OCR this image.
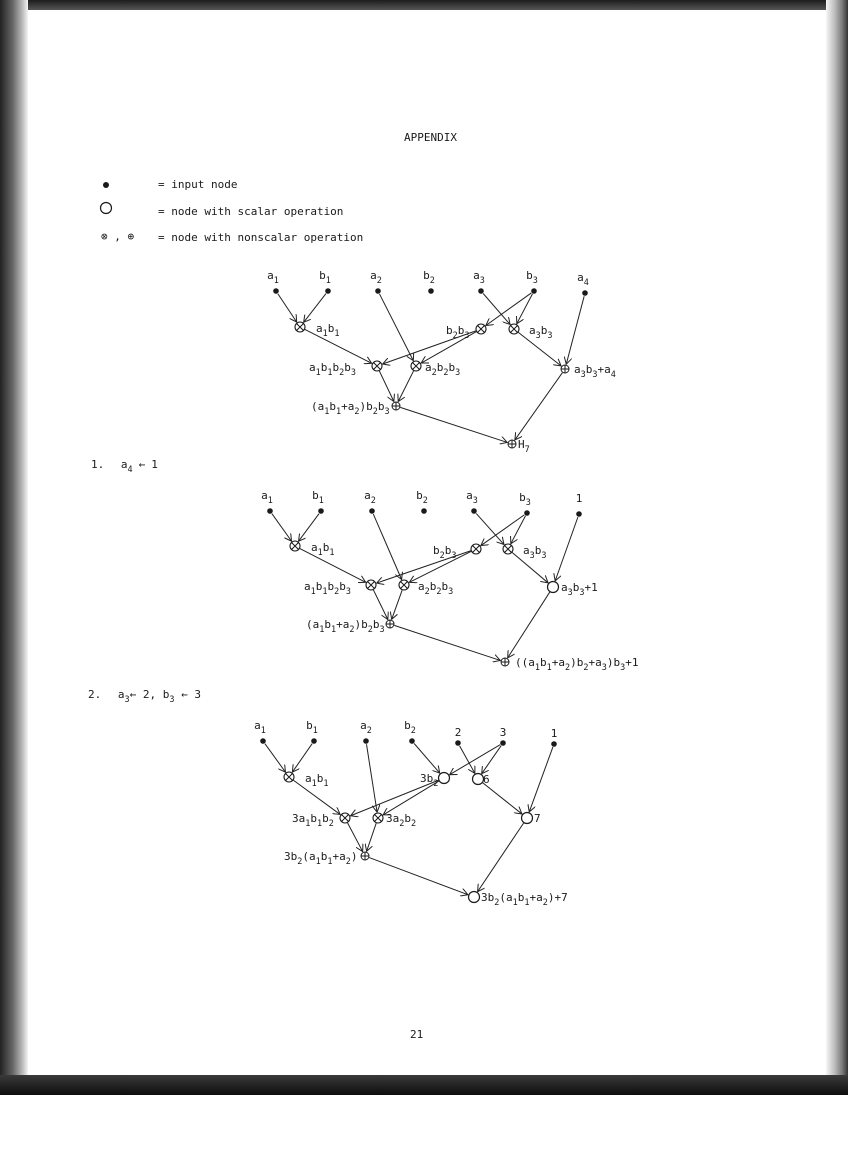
APPENDIX
= input node
= node with scalar operation
⊗ , ⊕ = node with nonscalar operation
1. $a_4$ ← 1
2. $a_3\leftarrow$ 2, $b_3$ ← 3
$a_1$	$b_1$	$a_2$	$b_2$	$a_3$	$b_3$	$a_4$
$a_1b_1$	$b_2b_3$	$a_3b_3$
$a_1b_1b_2b_3$	$a_2b_2b_3$	$a_3b_3+a_4$
$(a_1b_1+a_2)b_2b_3$
$H_7$
$a_1$	$b_1$	$a_2$	$b_2$	$a_3$	$b_3$	1
$a_1b_1$	$b_2b_3$	$a_3b_3$
$a_1b_1b_2b_3$	$a_2b_2b_3$	$a_3b_3+1$
$(a_1b_1+a_2)b_2b_3$
$((a_1b_1+a_2)b_2+a_3)b_3+1$
$a_1$	$b_1$	$a_2$	$b_2$	2	3	1
$a_1b_1$	$3b_2$	6
$3a_1b_1b_2$	$3a_2b_2$	7
$3b_2(a_1b_1+a_2)$
$3b_2(a_1b_1+a_2)+7$
21
